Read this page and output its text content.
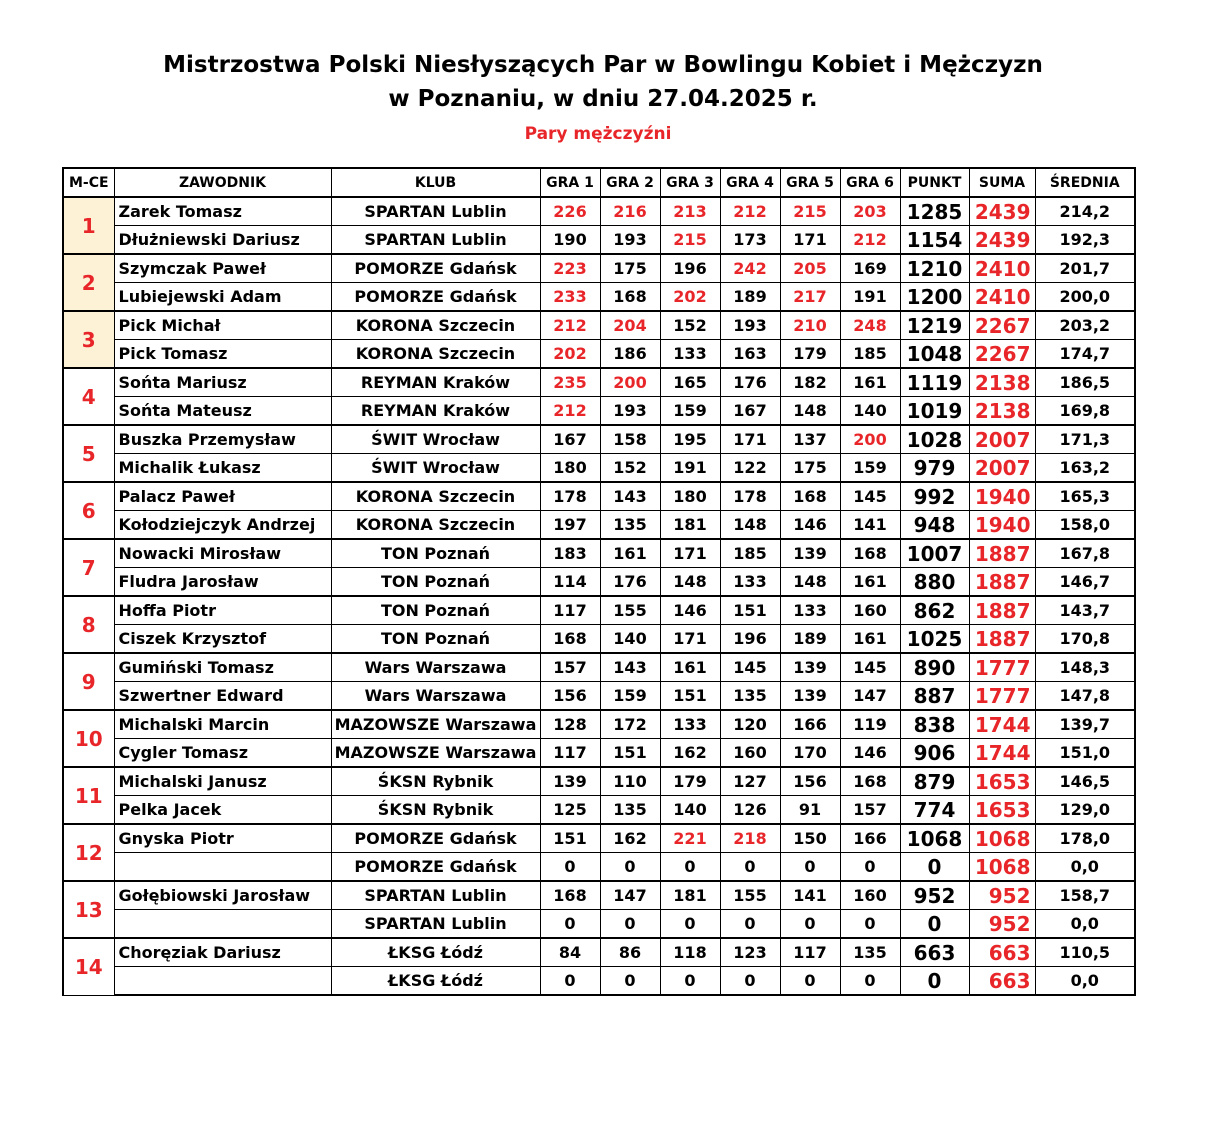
Mistrzostwa Polski Niesłyszących Par w Bowlingu Kobiet i Mężczyzn
w Poznaniu, w dniu 27.04.2025 r.
Pary mężczyźni
M-CE	ZAWODNIK	KLUB	GRA 1	GRA 2	GRA 3	GRA 4	GRA 5	GRA 6	PUNKT	SUMA	ŚREDNIA
1	Zarek Tomasz	SPARTAN Lublin	226	216	213	212	215	203	1285	2439	214,2
	Dłużniewski Dariusz	SPARTAN Lublin	190	193	215	173	171	212	1154	2439	192,3
2	Szymczak Paweł	POMORZE Gdańsk	223	175	196	242	205	169	1210	2410	201,7
	Lubiejewski Adam	POMORZE Gdańsk	233	168	202	189	217	191	1200	2410	200,0
3	Pick Michał	KORONA Szczecin	212	204	152	193	210	248	1219	2267	203,2
	Pick Tomasz	KORONA Szczecin	202	186	133	163	179	185	1048	2267	174,7
4	Sońta Mariusz	REYMAN Kraków	235	200	165	176	182	161	1119	2138	186,5
	Sońta Mateusz	REYMAN Kraków	212	193	159	167	148	140	1019	2138	169,8
5	Buszka Przemysław	ŚWIT Wrocław	167	158	195	171	137	200	1028	2007	171,3
	Michalik Łukasz	ŚWIT Wrocław	180	152	191	122	175	159	979	2007	163,2
6	Palacz Paweł	KORONA Szczecin	178	143	180	178	168	145	992	1940	165,3
	Kołodziejczyk Andrzej	KORONA Szczecin	197	135	181	148	146	141	948	1940	158,0
7	Nowacki Mirosław	TON Poznań	183	161	171	185	139	168	1007	1887	167,8
	Fludra Jarosław	TON Poznań	114	176	148	133	148	161	880	1887	146,7
8	Hoffa Piotr	TON Poznań	117	155	146	151	133	160	862	1887	143,7
	Ciszek Krzysztof	TON Poznań	168	140	171	196	189	161	1025	1887	170,8
9	Gumiński Tomasz	Wars Warszawa	157	143	161	145	139	145	890	1777	148,3
	Szwertner Edward	Wars Warszawa	156	159	151	135	139	147	887	1777	147,8
10	Michalski Marcin	MAZOWSZE Warszawa	128	172	133	120	166	119	838	1744	139,7
	Cygler Tomasz	MAZOWSZE Warszawa	117	151	162	160	170	146	906	1744	151,0
11	Michalski Janusz	ŚKSN Rybnik	139	110	179	127	156	168	879	1653	146,5
	Pelka Jacek	ŚKSN Rybnik	125	135	140	126	91	157	774	1653	129,0
12	Gnyska Piotr	POMORZE Gdańsk	151	162	221	218	150	166	1068	1068	178,0
		POMORZE Gdańsk	0	0	0	0	0	0	0	1068	0,0
13	Gołębiowski Jarosław	SPARTAN Lublin	168	147	181	155	141	160	952	952	158,7
		SPARTAN Lublin	0	0	0	0	0	0	0	952	0,0
14	Choręziak Dariusz	ŁKSG Łódź	84	86	118	123	117	135	663	663	110,5
		ŁKSG Łódź	0	0	0	0	0	0	0	663	0,0
